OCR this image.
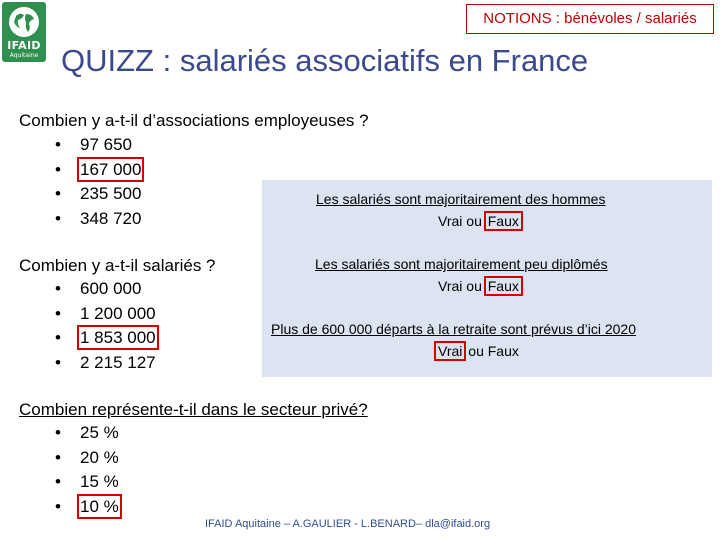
IFAID
Aquitaine
NOTIONS : bénévoles / salariés
QUIZZ : salariés associatifs en France
Combien y a-t-il d’associations employeuses ?
• 97 650
• 167 000
• 235 500
• 348 720
Combien y a-t-il salariés ?
• 600 000
• 1 200 000
• 1 853 000
• 2 215 127
Les salariés sont majoritairement des hommes
Vrai ou Faux
Les salariés sont majoritairement peu diplômés
Vrai ou Faux
Plus de 600 000 départs à la retraite sont prévus d’ici 2020
Vrai ou Faux
Combien représente-t-il dans le secteur privé?
• 25 %
• 20 %
• 15 %
• 10 %
IFAID Aquitaine – A.GAULIER - L.BENARD– dla@ifaid.org
